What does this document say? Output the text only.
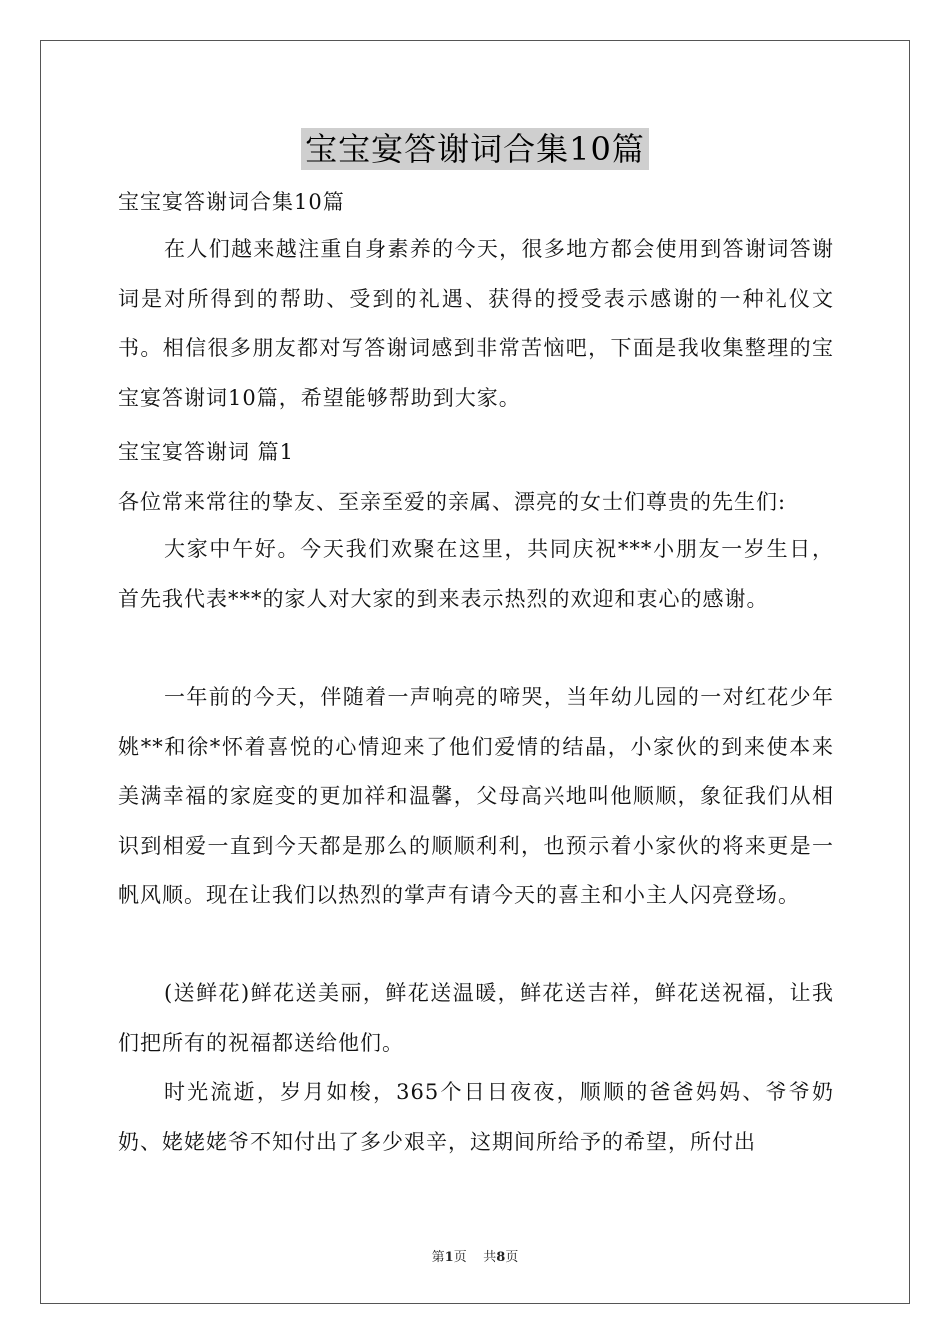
宝宝宴答谢词合集10篇
宝宝宴答谢词合集10篇
在人们越来越注重自身素养的今天，很多地方都会使用到答谢词答谢词是对所得到的帮助、受到的礼遇、获得的授受表示感谢的一种礼仪文书。相信很多朋友都对写答谢词感到非常苦恼吧，下面是我收集整理的宝宝宴答谢词10篇，希望能够帮助到大家。
宝宝宴答谢词 篇1
各位常来常往的挚友、至亲至爱的亲属、漂亮的女士们尊贵的先生们:
大家中午好。今天我们欢聚在这里，共同庆祝***小朋友一岁生日，首先我代表***的家人对大家的到来表示热烈的欢迎和衷心的感谢。
一年前的今天，伴随着一声响亮的啼哭，当年幼儿园的一对红花少年姚**和徐*怀着喜悦的心情迎来了他们爱情的结晶，小家伙的到来使本来美满幸福的家庭变的更加祥和温馨，父母高兴地叫他顺顺，象征我们从相识到相爱一直到今天都是那么的顺顺利利，也预示着小家伙的将来更是一帆风顺。现在让我们以热烈的掌声有请今天的喜主和小主人闪亮登场。
(送鲜花)鲜花送美丽，鲜花送温暖，鲜花送吉祥，鲜花送祝福，让我们把所有的祝福都送给他们。
时光流逝，岁月如梭，365个日日夜夜，顺顺的爸爸妈妈、爷爷奶奶、姥姥姥爷不知付出了多少艰辛，这期间所给予的希望，所付出
第1页 共8页
